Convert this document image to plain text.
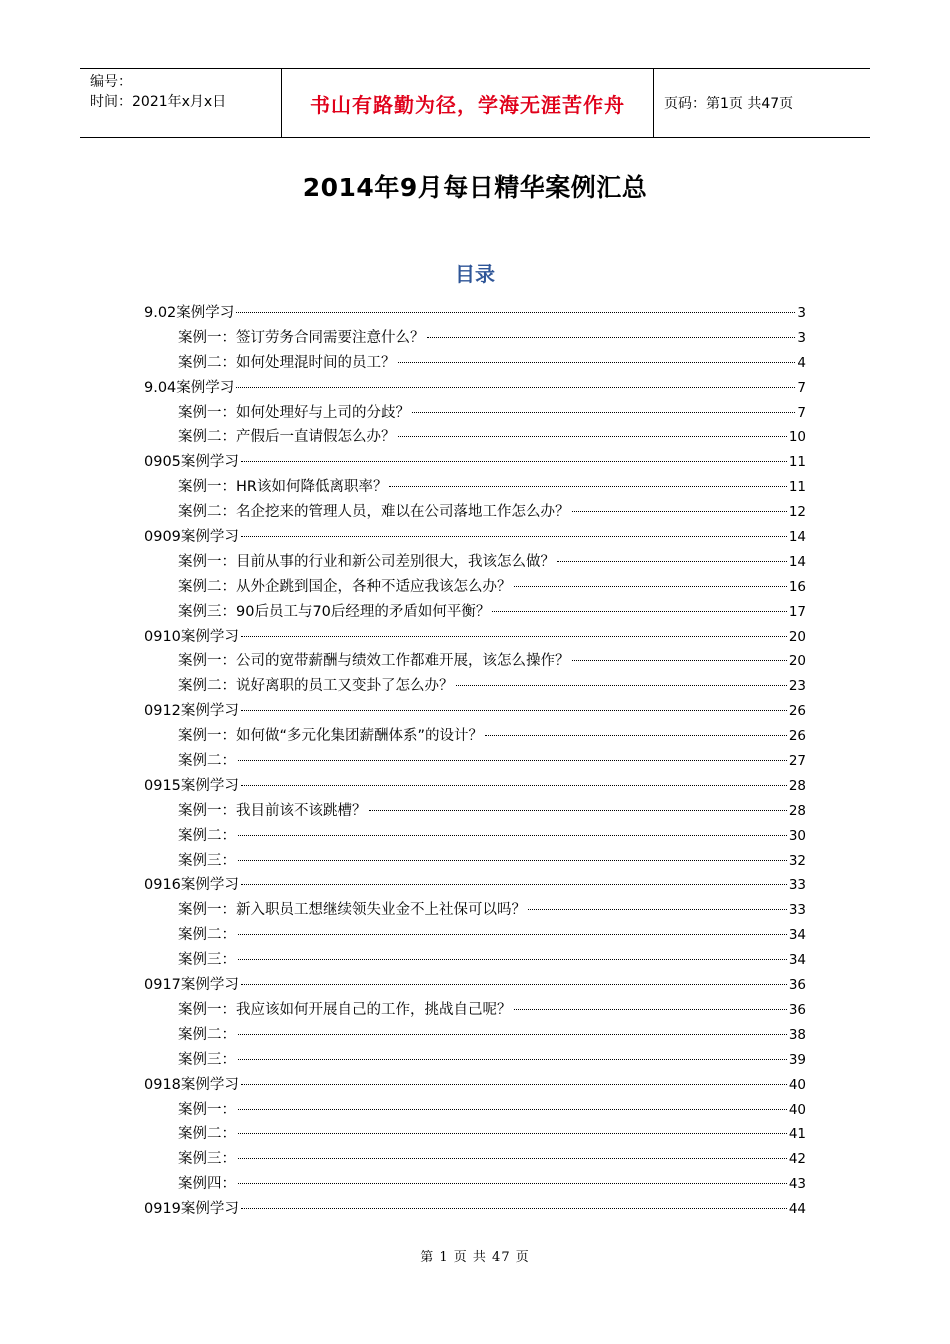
编号：
时间：2021年x月x日	书山有路勤为径，学海无涯苦作舟	页码：第1页 共47页
2014年9月每日精华案例汇总
目录
9.02案例学习	3
案例一：签订劳务合同需要注意什么？	3
案例二：如何处理混时间的员工？	4
9.04案例学习	7
案例一：如何处理好与上司的分歧？	7
案例二：产假后一直请假怎么办？	10
0905案例学习	11
案例一：HR该如何降低离职率？	11
案例二：名企挖来的管理人员，难以在公司落地工作怎么办？	12
0909案例学习	14
案例一：目前从事的行业和新公司差别很大，我该怎么做？	14
案例二：从外企跳到国企，各种不适应我该怎么办？	16
案例三：90后员工与70后经理的矛盾如何平衡？	17
0910案例学习	20
案例一：公司的宽带薪酬与绩效工作都难开展，该怎么操作？	20
案例二：说好离职的员工又变卦了怎么办？	23
0912案例学习	26
案例一：如何做“多元化集团薪酬体系”的设计？	26
案例二：	27
0915案例学习	28
案例一：我目前该不该跳槽？	28
案例二：	30
案例三：	32
0916案例学习	33
案例一：新入职员工想继续领失业金不上社保可以吗？	33
案例二：	34
案例三：	34
0917案例学习	36
案例一：我应该如何开展自己的工作，挑战自己呢？	36
案例二：	38
案例三：	39
0918案例学习	40
案例一：	40
案例二：	41
案例三：	42
案例四：	43
0919案例学习	44
第 1 页 共 47 页
